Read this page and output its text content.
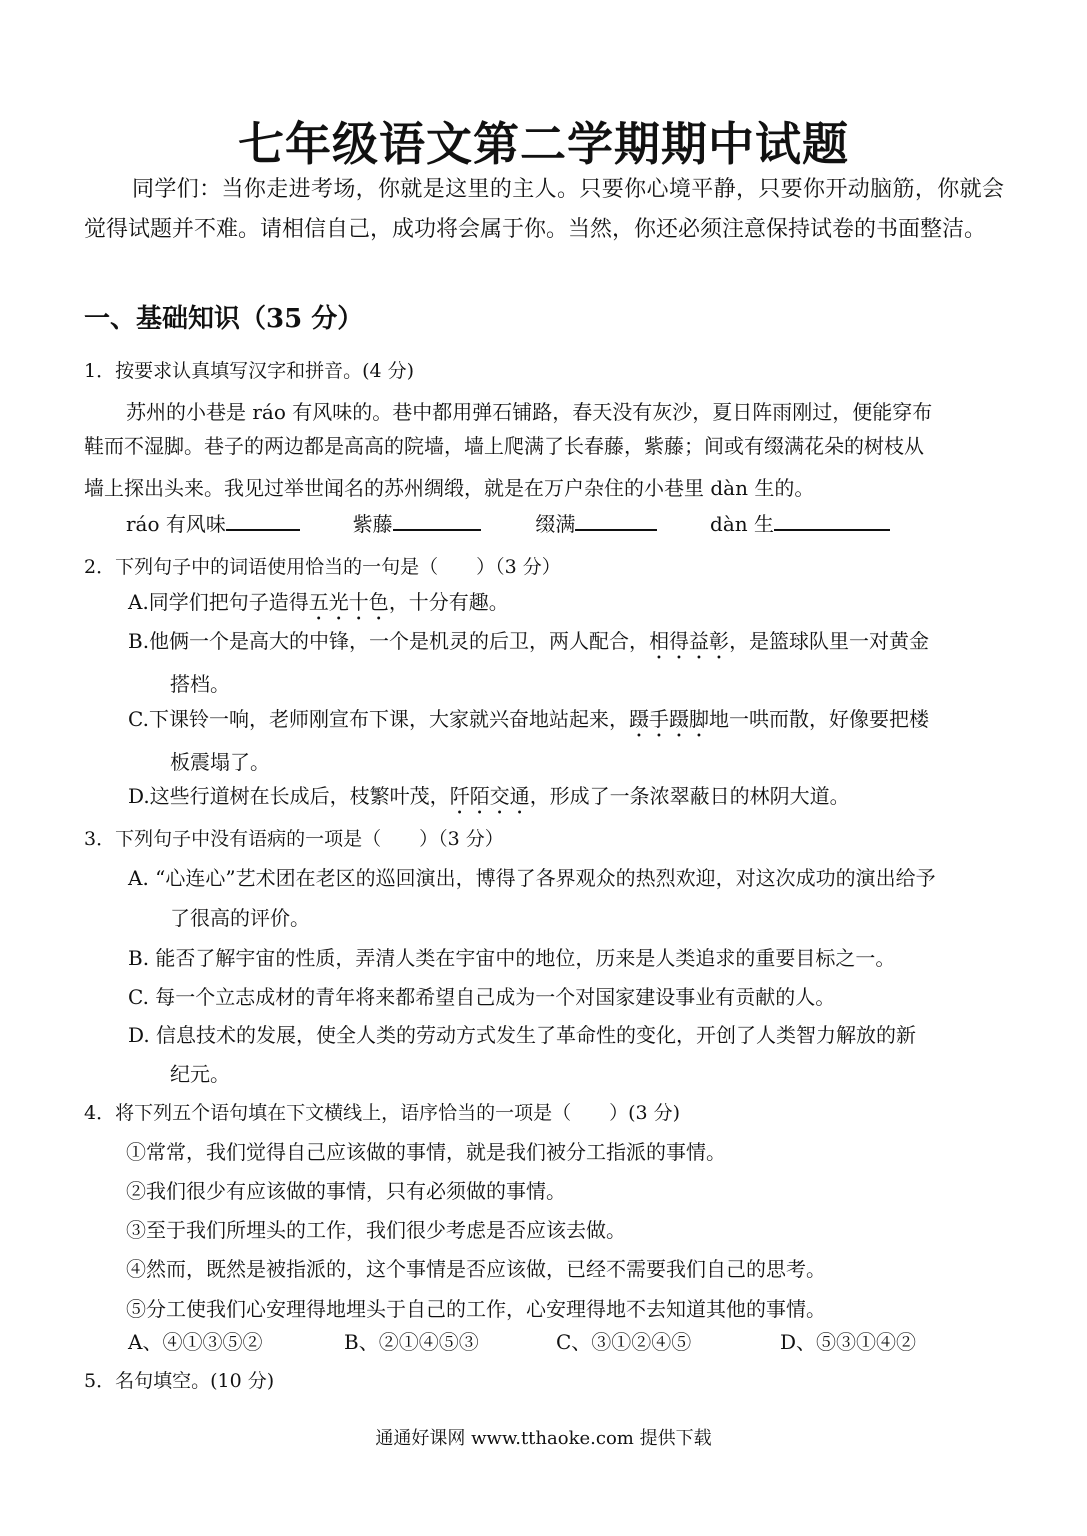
七年级语文第二学期期中试题
同学们：当你走进考场，你就是这里的主人。只要你心境平静，只要你开动脑筋，你就会觉得试题并不难。请相信自己，成功将会属于你。当然，你还必须注意保持试卷的书面整洁。
一、基础知识（35 分）
1．按要求认真填写汉字和拼音。(4 分)
苏州的小巷是 ráo 有风味的。巷中都用弹石铺路，春天没有灰沙，夏日阵雨刚过，便能穿布
鞋而不湿脚。巷子的两边都是高高的院墙，墙上爬满了长春藤，紫藤；间或有缀满花朵的树枝从
墙上探出头来。我见过举世闻名的苏州绸缎，就是在万户杂住的小巷里 dàn 生的。
ráo 有风味	紫藤	缀满	dàn 生
2．下列句子中的词语使用恰当的一句是（　　）（3 分）
A.同学们把句子造得五光十色，十分有趣。
B.他俩一个是高大的中锋，一个是机灵的后卫，两人配合，相得益彰，是篮球队里一对黄金
搭档。
C.下课铃一响，老师刚宣布下课，大家就兴奋地站起来，蹑手蹑脚地一哄而散，好像要把楼
板震塌了。
D.这些行道树在长成后，枝繁叶茂，阡陌交通，形成了一条浓翠蔽日的林阴大道。
3．下列句子中没有语病的一项是（　　）（3 分）
A. “心连心”艺术团在老区的巡回演出，博得了各界观众的热烈欢迎，对这次成功的演出给予
了很高的评价。
B. 能否了解宇宙的性质，弄清人类在宇宙中的地位，历来是人类追求的重要目标之一。
C. 每一个立志成材的青年将来都希望自己成为一个对国家建设事业有贡献的人。
D. 信息技术的发展，使全人类的劳动方式发生了革命性的变化，开创了人类智力解放的新
纪元。
4．将下列五个语句填在下文横线上，语序恰当的一项是（　　）(3 分)
①常常，我们觉得自己应该做的事情，就是我们被分工指派的事情。
②我们很少有应该做的事情，只有必须做的事情。
③至于我们所埋头的工作，我们很少考虑是否应该去做。
④然而，既然是被指派的，这个事情是否应该做，已经不需要我们自己的思考。
⑤分工使我们心安理得地埋头于自己的工作，心安理得地不去知道其他的事情。
A、④①③⑤②	B、②①④⑤③	C、③①②④⑤	D、⑤③①④②
5．名句填空。(10 分)
通通好课网 www.tthaoke.com 提供下载
